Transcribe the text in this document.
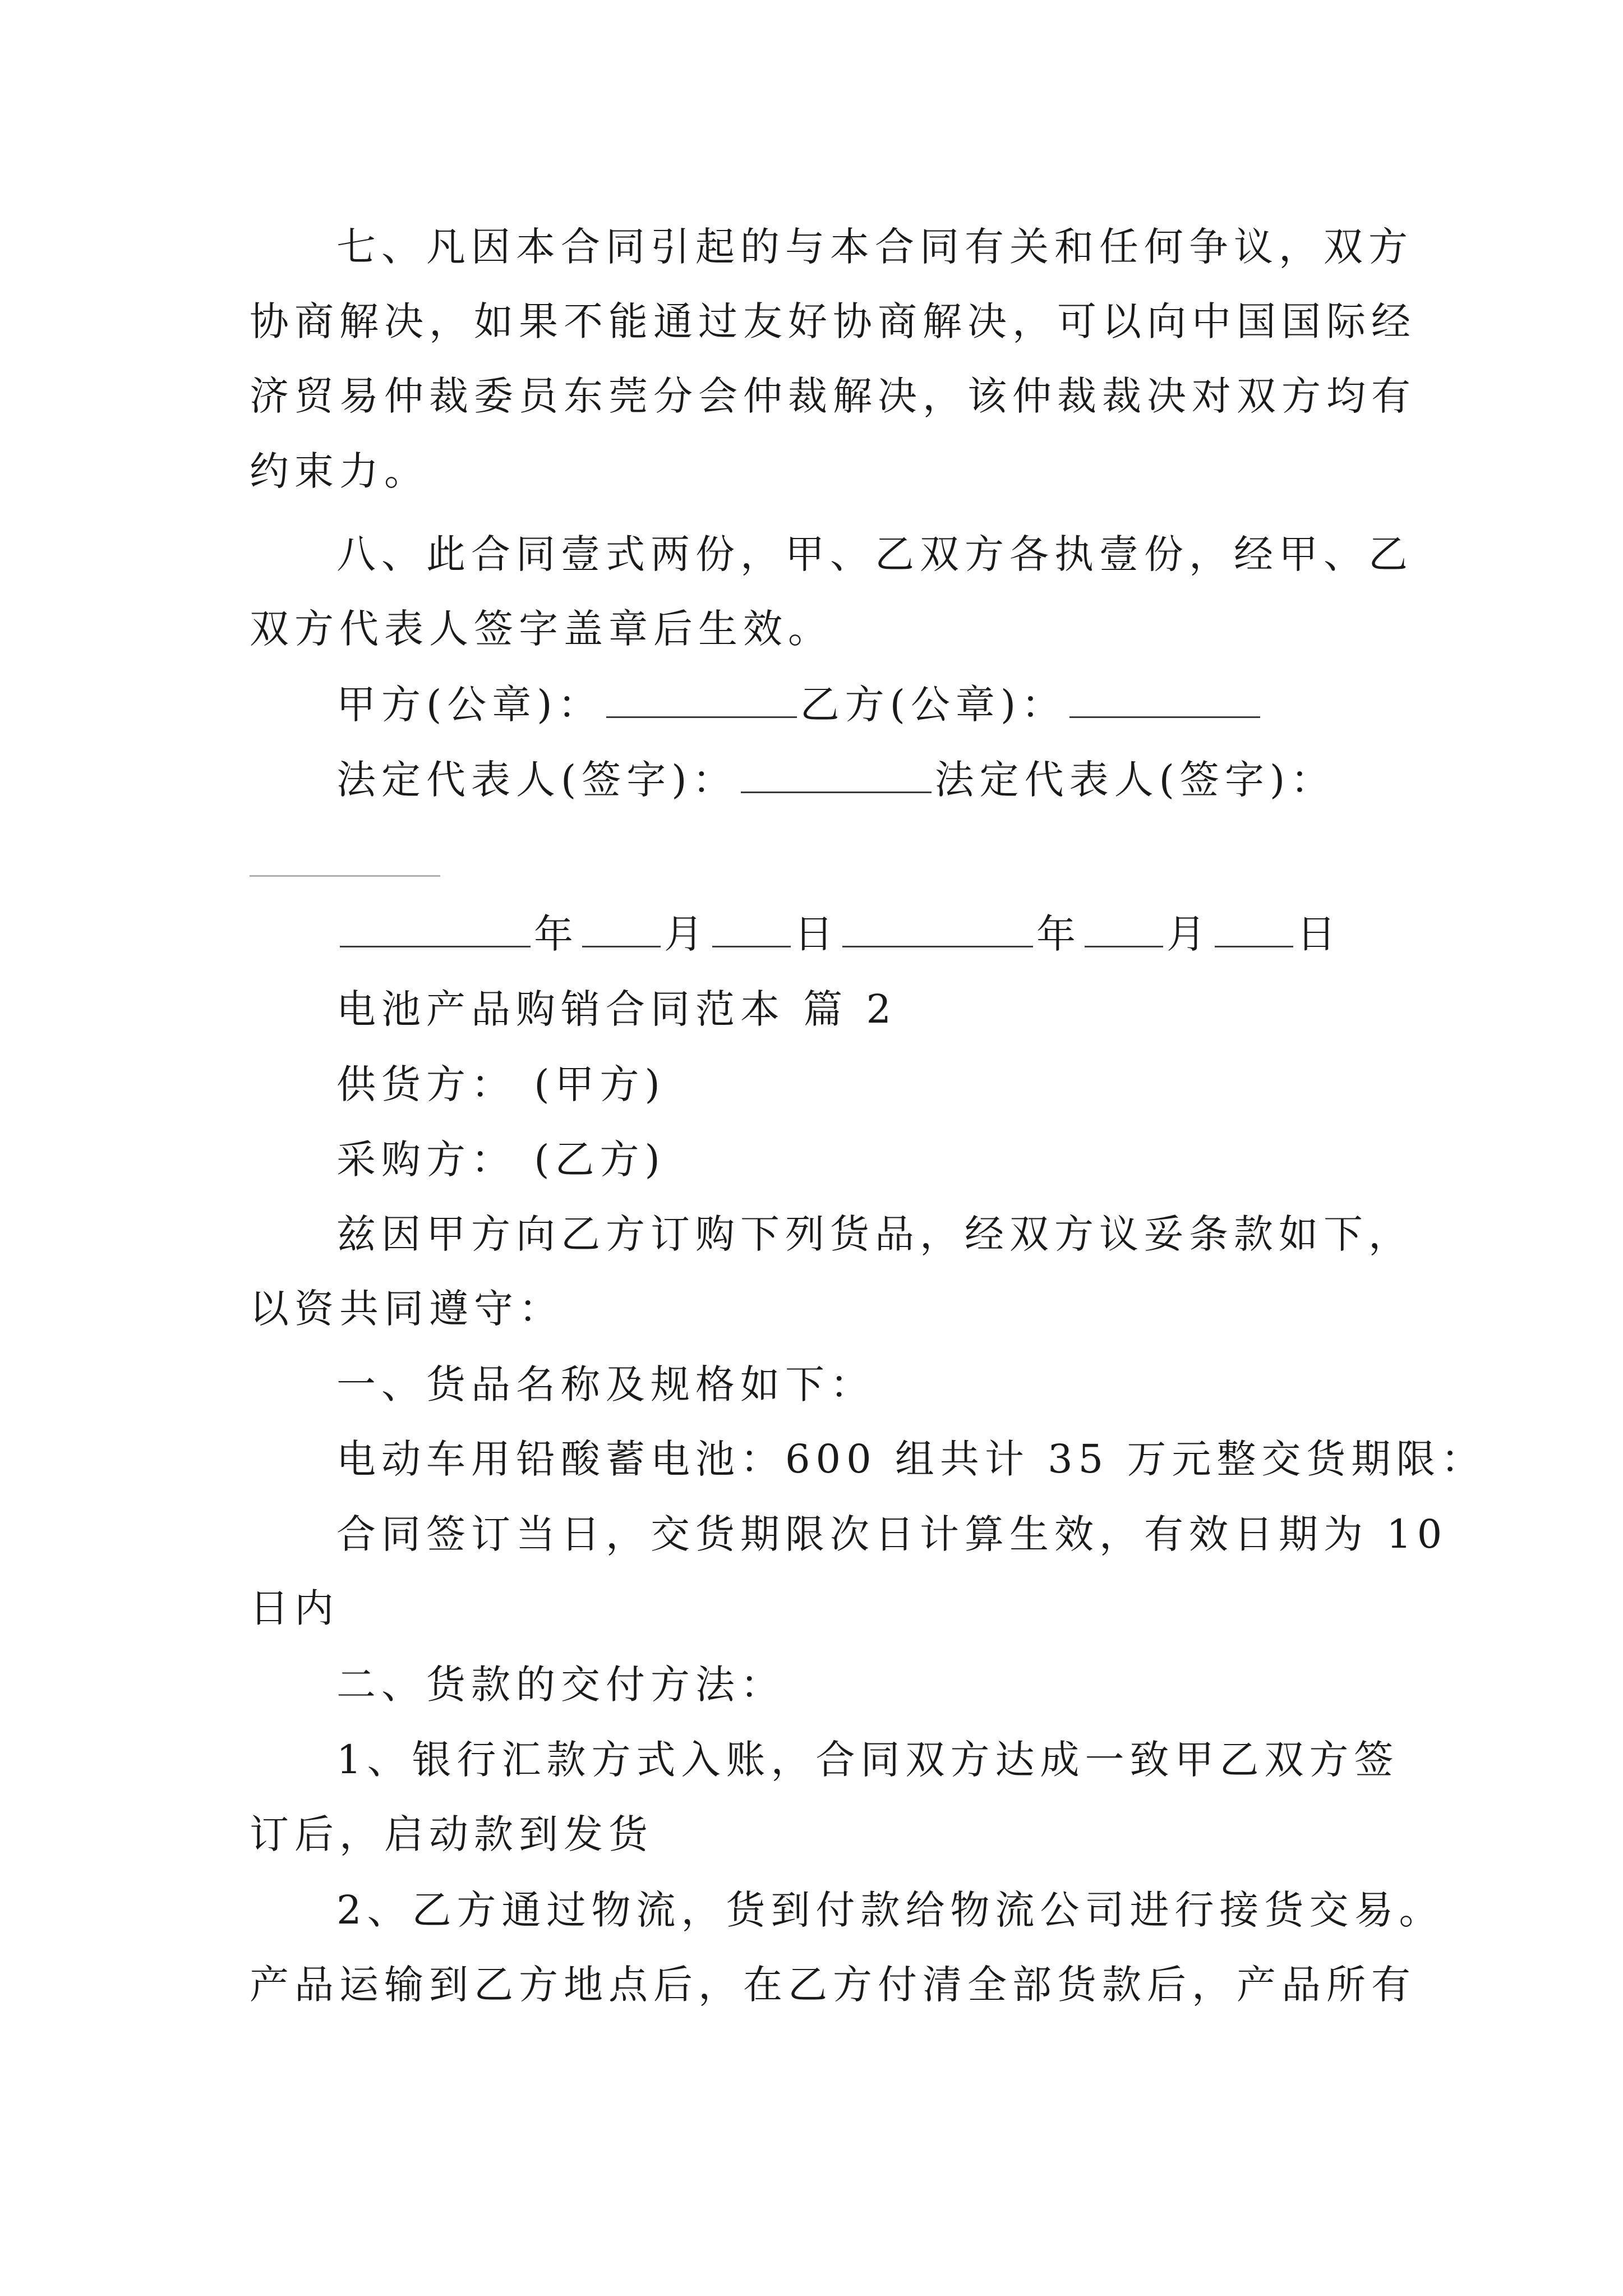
七、凡因本合同引起的与本合同有关和任何争议，双方
协商解决，如果不能通过友好协商解决，可以向中国国际经
济贸易仲裁委员东莞分会仲裁解决，该仲裁裁决对双方均有
约束力。
八、此合同壹式两份，甲、乙双方各执壹份，经甲、乙
双方代表人签字盖章后生效。
甲方(公章)：	乙方(公章)：
法定代表人(签字)：	法定代表人(签字)：
年 月 日	年 月 日
电池产品购销合同范本 篇 2
供货方： (甲方)
采购方： (乙方)
兹因甲方向乙方订购下列货品，经双方议妥条款如下，
以资共同遵守：
一、货品名称及规格如下：
电动车用铅酸蓄电池：600 组共计 35 万元整交货期限：
合同签订当日，交货期限次日计算生效，有效日期为 10
日内
二、货款的交付方法：
1、银行汇款方式入账，合同双方达成一致甲乙双方签
订后，启动款到发货
2、乙方通过物流，货到付款给物流公司进行接货交易。
产品运输到乙方地点后，在乙方付清全部货款后，产品所有
